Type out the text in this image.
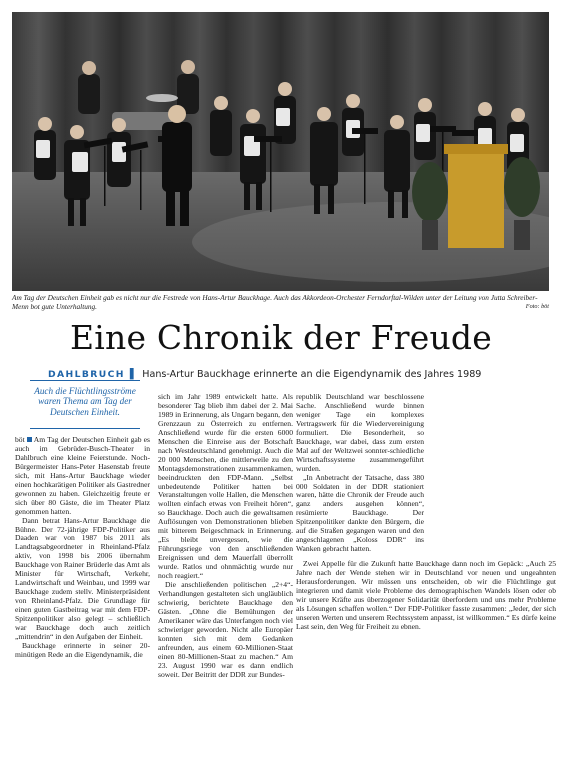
Am Tag der Deutschen Einheit gab es nicht nur die Festrede von Hans-Artur Bauckhage. Auch das Akkordeon-Orchester Ferndorftal-Wilden unter der Leitung von Jutta Schreiber-Menn bot gute Unterhaltung.	Foto: böt
Eine Chronik der Freude
DAHLBRUCH ▌ Hans-Artur Bauckhage erinnerte an die Eigendynamik des Jahres 1989
Auch die Flüchtlingsströme waren Thema am Tag der Deutschen Einheit.

böt Am Tag der Deutschen Einheit gab es auch im Gebrüder-Busch-Theater in Dahlbruch eine kleine Feierstunde. Noch-Bürgermeister Hans-Peter Hasenstab freute sich, mit Hans-Artur Bauckhage wieder einen hochkarätigen Politiker als Gastredner gewonnen zu haben. Gleichzeitig freute er sich über 80 Gäste, die im Theater Platz genommen hatten.

Dann betrat Hans-Artur Bauckhage die Bühne. Der 72-jährige FDP-Politiker aus Daaden war von 1987 bis 2011 als Landtagsabgeordneter in Rheinland-Pfalz aktiv, von 1998 bis 2006 übernahm Bauckhage von Rainer Brüderle das Amt als Minister für Wirtschaft, Verkehr, Landwirtschaft und Weinbau, und 1999 war Bauckhage zudem stellv. Ministerpräsident von Rheinland-Pfalz. Die Grundlage für einen guten Gastbeitrag war mit dem FDP-Spitzenpolitiker also gelegt – schließlich war Bauckhage doch auch zeitlich „mittendrin“ in den Aufgaben der Einheit.

Bauckhage erinnerte in seiner 20-minütigen Rede an die Eigendynamik, die

sich im Jahr 1989 entwickelt hatte. Als besonderer Tag blieb ihm dabei der 2. Mai 1989 in Erinnerung, als Ungarn begann, den Grenzzaun zu Österreich zu entfernen. Anschließend wurde für die ersten 6000 Menschen die Einreise aus der Botschaft nach Westdeutschland genehmigt. Auch die 20 000 Menschen, die mittlerweile zu den Montagsdemonstrationen zusammenkamen, beeindruckten den FDP-Mann. „Selbst unbedeutende Politiker hatten bei Veranstaltungen volle Hallen, die Menschen wollten einfach etwas von Freiheit hören“, so Bauckhage. Doch auch die gewaltsamen Auflösungen von Demonstrationen blieben mit bitterem Beigeschmack in Erinnerung. „Es bleibt unvergessen, wie die Führungsriege von den anschließenden Ereignissen und dem Mauerfall überrollt wurde. Ratlos und ohnmächtig wurde nur noch reagiert.“

Die anschließenden politischen „2+4“-Verhandlungen gestalteten sich ungläublich schwierig, berichtete Bauckhage den Gästen. „Ohne die Bemühungen der Amerikaner wäre das Unterfangen noch viel schwieriger geworden. Nicht alle Europäer konnten sich mit dem Gedanken anfreunden, aus einem 60-Millionen-Staat einen 80-Millionen-Staat zu machen.“ Am 23. August 1990 war es dann endlich soweit. Der Beitritt der DDR zur Bundes-

republik Deutschland war beschlossene Sache. Anschließend wurde binnen weniger Tage ein komplexes Vertragswerk für die Wiedervereinigung formuliert. Die Besonderheit, so Bauckhage, war dabei, dass zum ersten Mal auf der Weltzwei sonnter-schiedliche Wirtschaftssysteme zusammengeführt wurden.

„In Anbetracht der Tatsache, dass 380 000 Soldaten in der DDR stationiert waren, hätte die Chronik der Freude auch ganz anders ausgehen können“, resümierte Bauckhage. Der Spitzenpolitiker dankte den Bürgern, die auf die Straßen gegangen waren und den angeschlagenen „Koloss DDR“ ins Wanken gebracht hatten.

Zwei Appelle für die Zukunft hatte Bauckhage dann noch im Gepäck: „Auch 25 Jahre nach der Wende stehen wir in Deutschland vor neuen und ungeahnten Herausforderungen. Wir müssen uns entscheiden, ob wir die Flüchtlinge gut integrieren und damit viele Probleme des demographischen Wandels lösen oder ob wir unsere Kräfte aus überzogener Solidarität überfordern und uns mehr Probleme als Lösungen schaffen wollen.“ Der FDP-Politiker fasste zusammen: „Jeder, der sich unseren Werten und unserem Rechtssystem anpasst, ist willkommen.“ Es dürfe keine Last sein, den Weg für Freiheit zu ebnen.
